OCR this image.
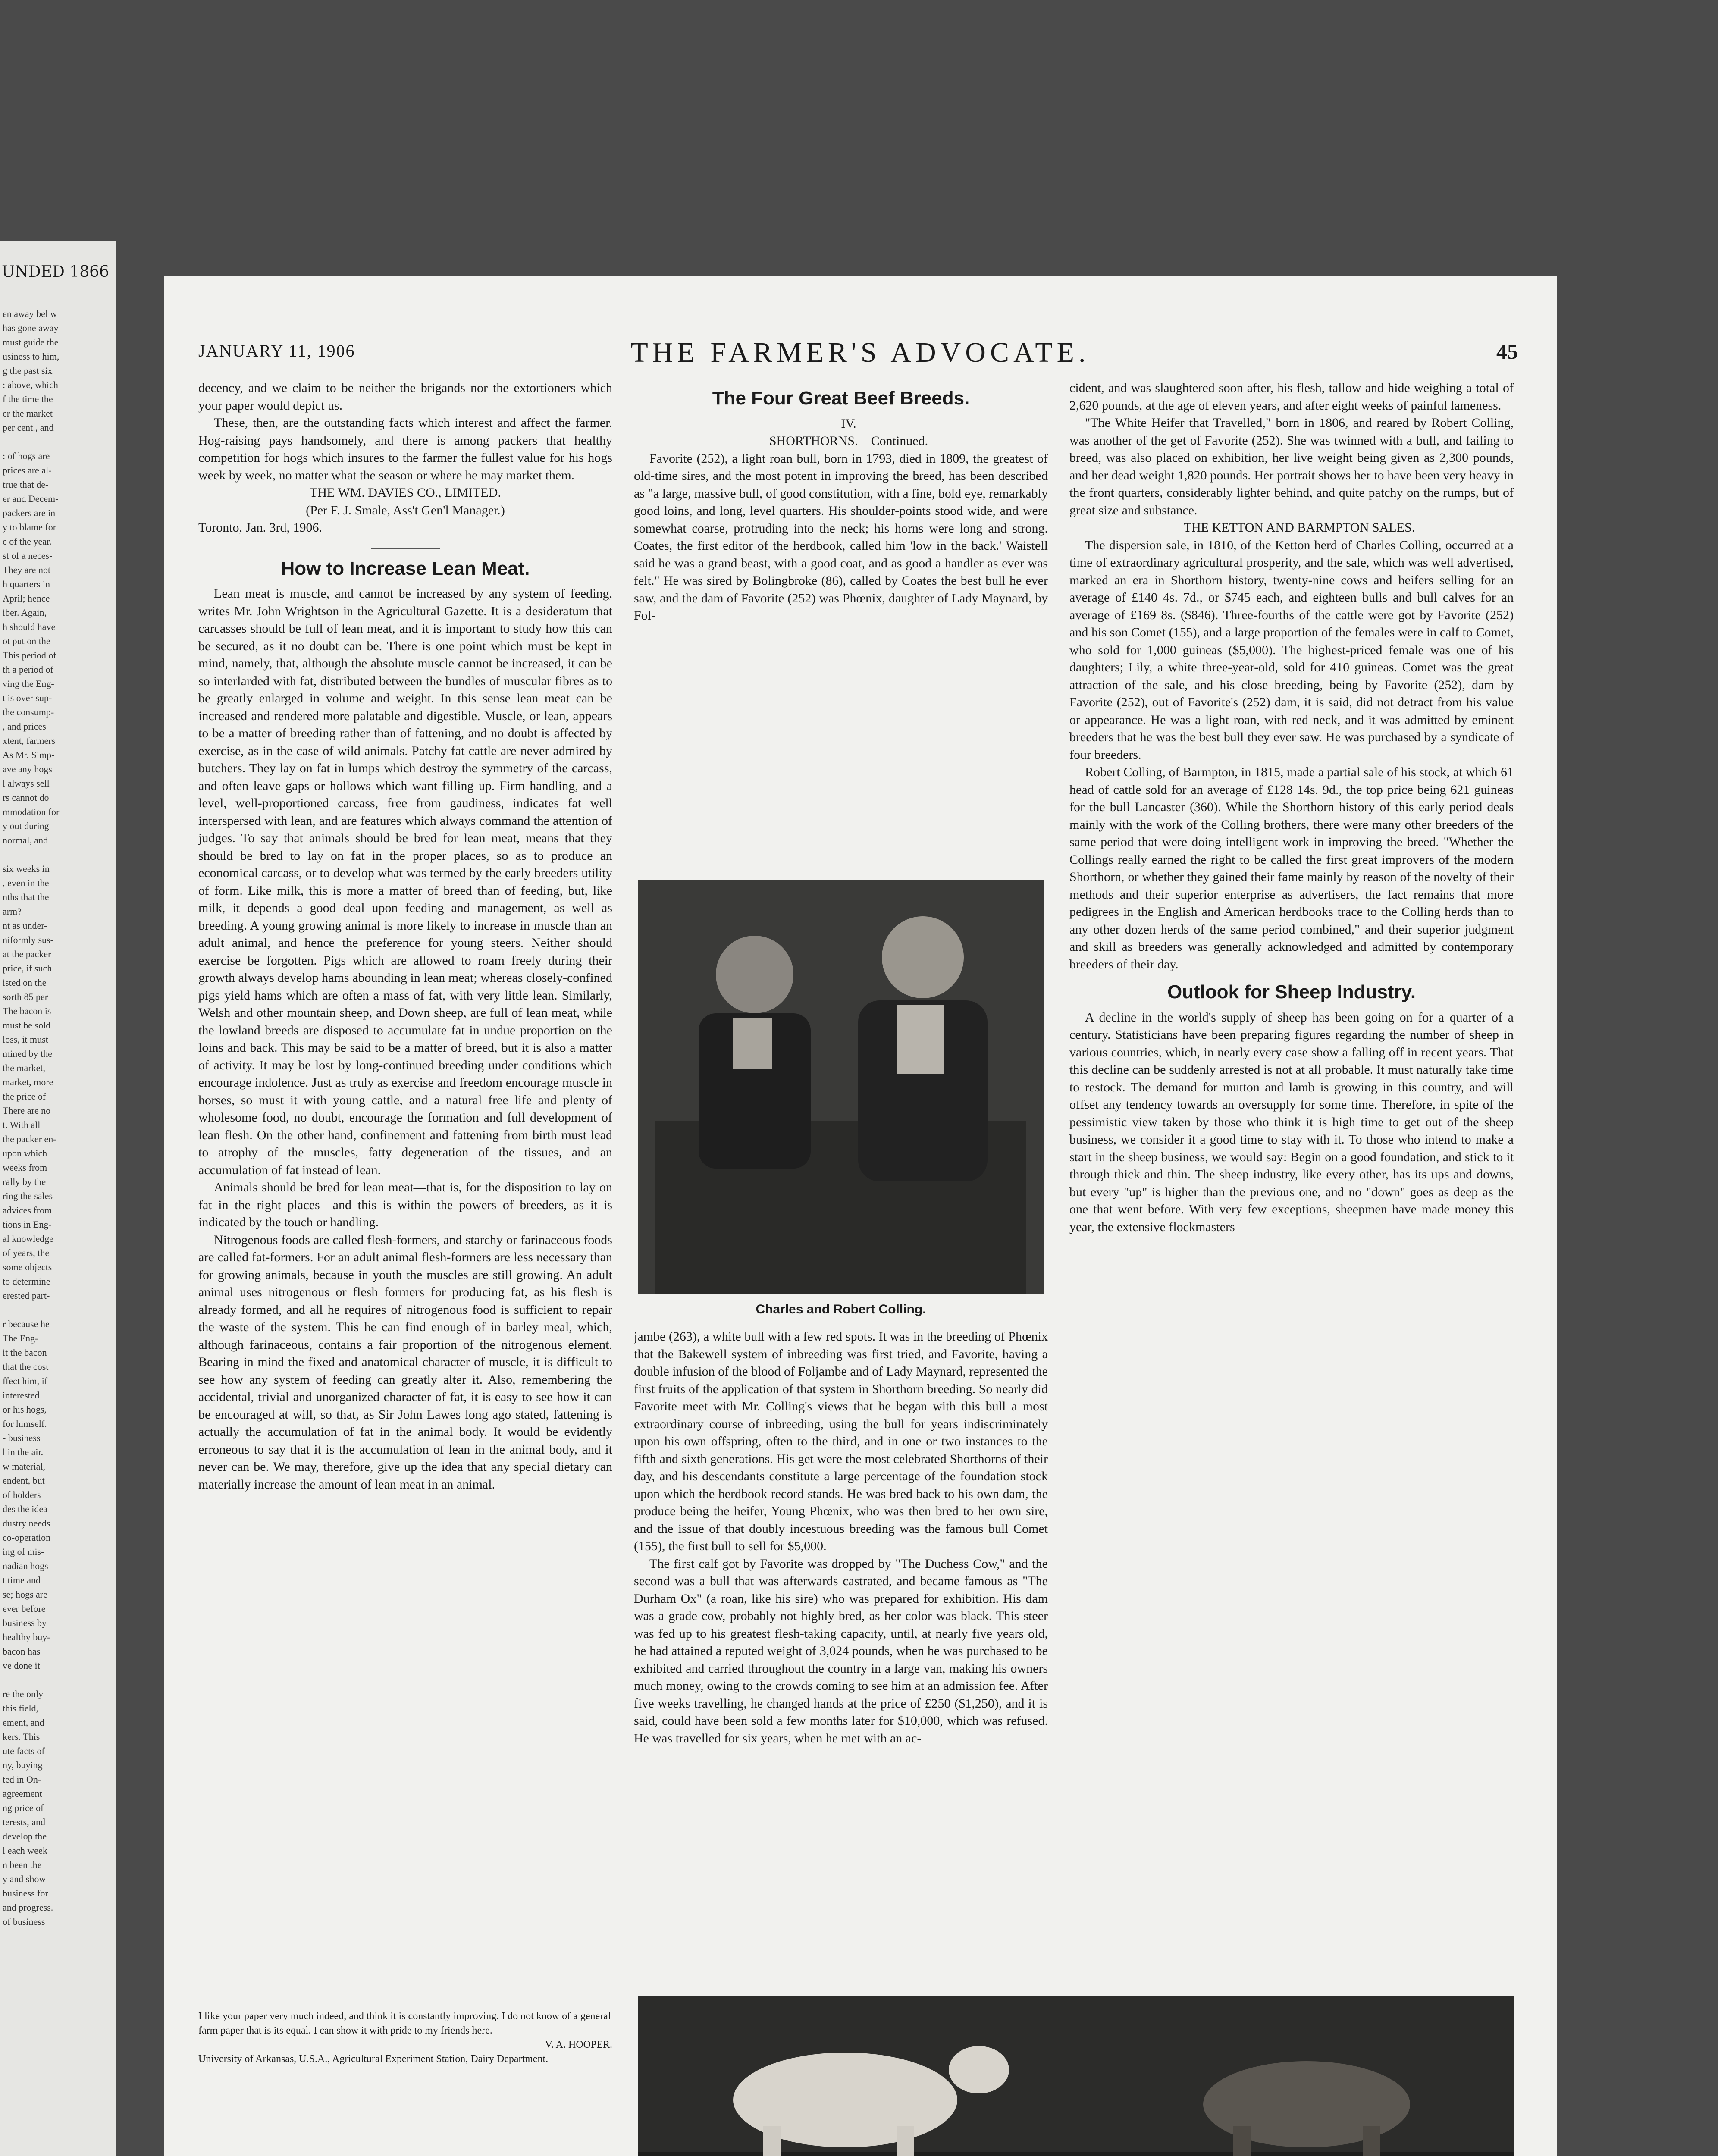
UNDED 1866
en away bel w
has gone away
must guide the
usiness to him,
g the past six
: above, which
f the time the
er the market
per cent., and

: of hogs are
prices are al-
true that de-
er and Decem-
packers are in
y to blame for
e of the year.
st of a neces-
They are not
h quarters in
April; hence
iber. Again,
h should have
ot put on the
This period of
th a period of
ving the Eng-
t is over sup-
the consump-
, and prices
xtent, farmers
As Mr. Simp-
ave any hogs
l always sell
rs cannot do
mmodation for
y out during
normal, and

six weeks in
, even in the
nths that the
arm?
nt as under-
niformly sus-
at the packer
price, if such
isted on the
sorth 85 per
The bacon is
must be sold
loss, it must
mined by the
the market,
market, more
the price of
There are no
t. With all
the packer en-
upon which
weeks from
rally by the
ring the sales
advices from
tions in Eng-
al knowledge
of years, the
some objects
to determine
erested part-

r because he
The Eng-
it the bacon
that the cost
ffect him, if
interested
or his hogs,
for himself.
- business
l in the air.
w material,
endent, but
of holders
des the idea
dustry needs
co-operation
ing of mis-
nadian hogs
t time and
se; hogs are
ever before
business by
healthy buy-
bacon has
ve done it

re the only
this field,
ement, and
kers. This
ute facts of
ny, buying
ted in On-
agreement
ng price of
terests, and
develop the
l each week
n been the
y and show
business for
and progress.
of business
JANUARY 11, 1906	THE FARMER'S ADVOCATE.	45

decency, and we claim to be neither the brigands nor the extortioners which your paper would depict us.

These, then, are the outstanding facts which interest and affect the farmer. Hog-raising pays handsomely, and there is among packers that healthy competition for hogs which insures to the farmer the fullest value for his hogs week by week, no matter what the season or where he may market them.

THE WM. DAVIES CO., LIMITED.

(Per F. J. Smale, Ass't Gen'l Manager.)

Toronto, Jan. 3rd, 1906.

How to Increase Lean Meat.

Lean meat is muscle, and cannot be increased by any system of feeding, writes Mr. John Wrightson in the Agricultural Gazette. It is a desideratum that carcasses should be full of lean meat, and it is important to study how this can be secured, as it no doubt can be. There is one point which must be kept in mind, namely, that, although the absolute muscle cannot be increased, it can be so interlarded with fat, distributed between the bundles of muscular fibres as to be greatly enlarged in volume and weight. In this sense lean meat can be increased and rendered more palatable and digestible. Muscle, or lean, appears to be a matter of breeding rather than of fattening, and no doubt is affected by exercise, as in the case of wild animals. Patchy fat cattle are never admired by butchers. They lay on fat in lumps which destroy the symmetry of the carcass, and often leave gaps or hollows which want filling up. Firm handling, and a level, well-proportioned carcass, free from gaudiness, indicates fat well interspersed with lean, and are features which always command the attention of judges. To say that animals should be bred for lean meat, means that they should be bred to lay on fat in the proper places, so as to produce an economical carcass, or to develop what was termed by the early breeders utility of form. Like milk, this is more a matter of breed than of feeding, but, like milk, it depends a good deal upon feeding and management, as well as breeding. A young growing animal is more likely to increase in muscle than an adult animal, and hence the preference for young steers. Neither should exercise be forgotten. Pigs which are allowed to roam freely during their growth always develop hams abounding in lean meat; whereas closely-confined pigs yield hams which are often a mass of fat, with very little lean. Similarly, Welsh and other mountain sheep, and Down sheep, are full of lean meat, while the lowland breeds are disposed to accumulate fat in undue proportion on the loins and back. This may be said to be a matter of breed, but it is also a matter of activity. It may be lost by long-continued breeding under conditions which encourage indolence. Just as truly as exercise and freedom encourage muscle in horses, so must it with young cattle, and a natural free life and plenty of wholesome food, no doubt, encourage the formation and full development of lean flesh. On the other hand, confinement and fattening from birth must lead to atrophy of the muscles, fatty degeneration of the tissues, and an accumulation of fat instead of lean.

Animals should be bred for lean meat—that is, for the disposition to lay on fat in the right places—and this is within the powers of breeders, as it is indicated by the touch or handling.

Nitrogenous foods are called flesh-formers, and starchy or farinaceous foods are called fat-formers. For an adult animal flesh-formers are less necessary than for growing animals, because in youth the muscles are still growing. An adult animal uses nitrogenous or flesh formers for producing fat, as his flesh is already formed, and all he requires of nitrogenous food is sufficient to repair the waste of the system. This he can find enough of in barley meal, which, although farinaceous, contains a fair proportion of the nitrogenous element. Bearing in mind the fixed and anatomical character of muscle, it is difficult to see how any system of feeding can greatly alter it. Also, remembering the accidental, trivial and unorganized character of fat, it is easy to see how it can be encouraged at will, so that, as Sir John Lawes long ago stated, fattening is actually the accumulation of fat in the animal body. It would be evidently erroneous to say that it is the accumulation of lean in the animal body, and it never can be. We may, therefore, give up the idea that any special dietary can materially increase the amount of lean meat in an animal.

I like your paper very much indeed, and think it is constantly improving. I do not know of a general farm paper that is its equal. I can show it with pride to my friends here.

V. A. HOOPER.

University of Arkansas, U.S.A., Agricultural Experiment Station, Dairy Department.

The Four Great Beef Breeds.

IV.

SHORTHORNS.—Continued.

Favorite (252), a light roan bull, born in 1793, died in 1809, the greatest of old-time sires, and the most potent in improving the breed, has been described as "a large, massive bull, of good constitution, with a fine, bold eye, remarkably good loins, and long, level quarters. His shoulder-points stood wide, and were somewhat coarse, protruding into the neck; his horns were long and strong. Coates, the first editor of the herdbook, called him 'low in the back.' Waistell said he was a grand beast, with a good coat, and as good a handler as ever was felt." He was sired by Bolingbroke (86), called by Coates the best bull he ever saw, and the dam of Favorite (252) was Phœnix, daughter of Lady Maynard, by Fol-

Charles and Robert Colling.

jambe (263), a white bull with a few red spots. It was in the breeding of Phœnix that the Bakewell system of inbreeding was first tried, and Favorite, having a double infusion of the blood of Foljambe and of Lady Maynard, represented the first fruits of the application of that system in Shorthorn breeding. So nearly did Favorite meet with Mr. Colling's views that he began with this bull a most extraordinary course of inbreeding, using the bull for years indiscriminately upon his own offspring, often to the third, and in one or two instances to the fifth and sixth generations. His get were the most celebrated Shorthorns of their day, and his descendants constitute a large percentage of the foundation stock upon which the herdbook record stands. He was bred back to his own dam, the produce being the heifer, Young Phœnix, who was then bred to her own sire, and the issue of that doubly incestuous breeding was the famous bull Comet (155), the first bull to sell for $5,000.

The first calf got by Favorite was dropped by "The Duchess Cow," and the second was a bull that was afterwards castrated, and became famous as "The Durham Ox" (a roan, like his sire) who was prepared for exhibition. His dam was a grade cow, probably not highly bred, as her color was black. This steer was fed up to his greatest flesh-taking capacity, until, at nearly five years old, he had attained a reputed weight of 3,024 pounds, when he was purchased to be exhibited and carried throughout the country in a large van, making his owners much money, owing to the crowds coming to see him at an admission fee. After five weeks travelling, he changed hands at the price of £250 ($1,250), and it is said, could have been sold a few months later for $10,000, which was refused. He was travelled for six years, when he met with an ac-

cident, and was slaughtered soon after, his flesh, tallow and hide weighing a total of 2,620 pounds, at the age of eleven years, and after eight weeks of painful lameness.

"The White Heifer that Travelled," born in 1806, and reared by Robert Colling, was another of the get of Favorite (252). She was twinned with a bull, and failing to breed, was also placed on exhibition, her live weight being given as 2,300 pounds, and her dead weight 1,820 pounds. Her portrait shows her to have been very heavy in the front quarters, considerably lighter behind, and quite patchy on the rumps, but of great size and substance.

THE KETTON AND BARMPTON SALES.

The dispersion sale, in 1810, of the Ketton herd of Charles Colling, occurred at a time of extraordinary agricultural prosperity, and the sale, which was well advertised, marked an era in Shorthorn history, twenty-nine cows and heifers selling for an average of £140 4s. 7d., or $745 each, and eighteen bulls and bull calves for an average of £169 8s. ($846). Three-fourths of the cattle were got by Favorite (252) and his son Comet (155), and a large proportion of the females were in calf to Comet, who sold for 1,000 guineas ($5,000). The highest-priced female was one of his daughters; Lily, a white three-year-old, sold for 410 guineas. Comet was the great attraction of the sale, and his close breeding, being by Favorite (252), dam by Favorite (252), out of Favorite's (252) dam, it is said, did not detract from his value or appearance. He was a light roan, with red neck, and it was admitted by eminent breeders that he was the best bull they ever saw. He was purchased by a syndicate of four breeders.

Robert Colling, of Barmpton, in 1815, made a partial sale of his stock, at which 61 head of cattle sold for an average of £128 14s. 9d., the top price being 621 guineas for the bull Lancaster (360). While the Shorthorn history of this early period deals mainly with the work of the Colling brothers, there were many other breeders of the same period that were doing intelligent work in improving the breed. "Whether the Collings really earned the right to be called the first great improvers of the modern Shorthorn, or whether they gained their fame mainly by reason of the novelty of their methods and their superior enterprise as advertisers, the fact remains that more pedigrees in the English and American herdbooks trace to the Colling herds than to any other dozen herds of the same period combined," and their superior judgment and skill as breeders was generally acknowledged and admitted by contemporary breeders of their day.

Outlook for Sheep Industry.

A decline in the world's supply of sheep has been going on for a quarter of a century. Statisticians have been preparing figures regarding the number of sheep in various countries, which, in nearly every case show a falling off in recent years. That this decline can be suddenly arrested is not at all probable. It must naturally take time to restock. The demand for mutton and lamb is growing in this country, and will offset any tendency towards an oversupply for some time. Therefore, in spite of the pessimistic view taken by those who think it is high time to get out of the sheep business, we consider it a good time to stay with it. To those who intend to make a start in the sheep business, we would say: Begin on a good foundation, and stick to it through thick and thin. The sheep industry, like every other, has its ups and downs, but every "up" is higher than the previous one, and no "down" goes as deep as the one that went before. With very few exceptions, sheepmen have made money this year, the extensive flockmasters
